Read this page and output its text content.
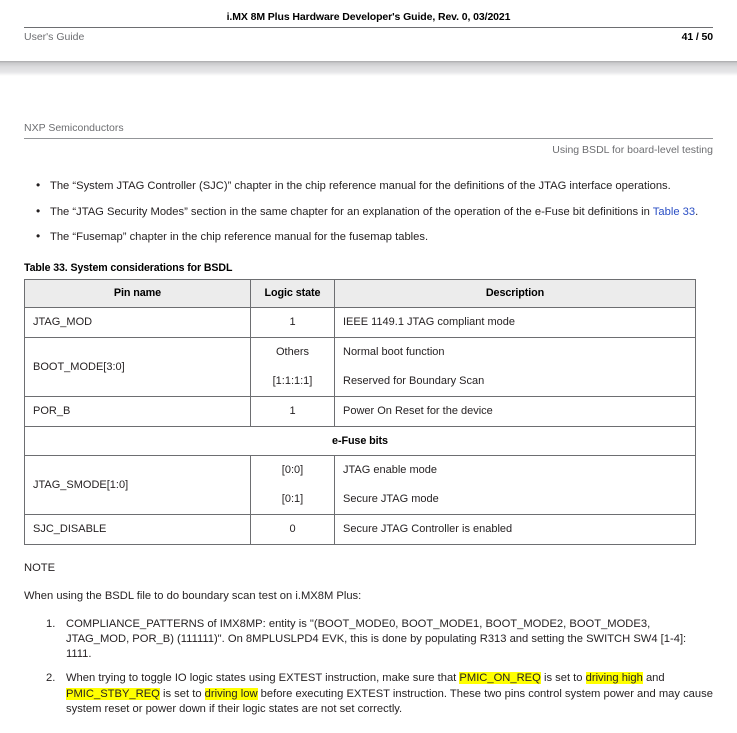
i.MX 8M Plus Hardware Developer's Guide, Rev. 0, 03/2021
User's Guide	41 / 50
NXP Semiconductors
Using BSDL for board-level testing
• The “System JTAG Controller (SJC)” chapter in the chip reference manual for the definitions of the JTAG interface operations.
• The “JTAG Security Modes” section in the same chapter for an explanation of the operation of the e-Fuse bit definitions in Table 33.
• The “Fusemap” chapter in the chip reference manual for the fusemap tables.
Table 33. System considerations for BSDL
Pin name	Logic state	Description
JTAG_MOD	1	IEEE 1149.1 JTAG compliant mode
BOOT_MODE[3:0]	Others	Normal boot function
	[1:1:1:1]	Reserved for Boundary Scan
POR_B	1	Power On Reset for the device
e-Fuse bits		
JTAG_SMODE[1:0]	[0:0]	JTAG enable mode
	[0:1]	Secure JTAG mode
SJC_DISABLE	0	Secure JTAG Controller is enabled
NOTE
When using the BSDL file to do boundary scan test on i.MX8M Plus:
COMPLIANCE_PATTERNS of IMX8MP: entity is "(BOOT_MODE0, BOOT_MODE1, BOOT_MODE2, BOOT_MODE3, JTAG_MOD, POR_B) (111111)". On 8MPLUSLPD4 EVK, this is done by populating R313 and setting the SWITCH SW4 [1-4]: 1111.
When trying to toggle IO logic states using EXTEST instruction, make sure that PMIC_ON_REQ is set to driving high and PMIC_STBY_REQ is set to driving low before executing EXTEST instruction. These two pins control system power and may cause system reset or power down if their logic states are not set correctly.
